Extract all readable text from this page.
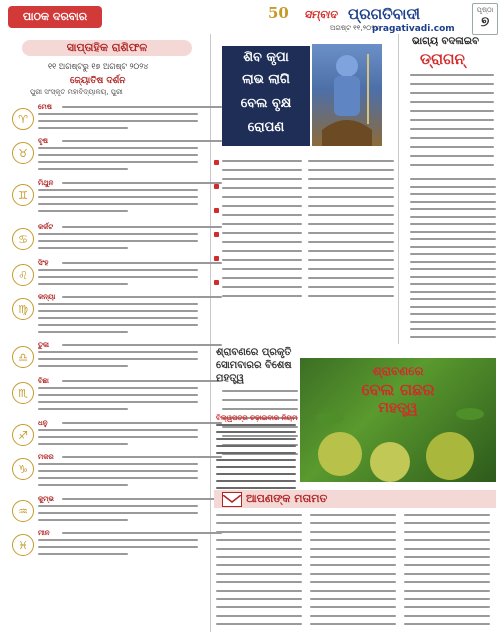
ପାଠକ ଦରବାର	50 ସମ୍ବାଦ ପ୍ରଗତିବାଦୀ
ଅଗଷ୍ଟ ୧୧,୨୦୨୪
pragativadi.com
ପୃଷ୍ଠା
୭
ସାପ୍ତାହିକ ରାଶିଫଳ
୧୧ ଅଗଷ୍ଟରୁ ୧୭ ଅଗଷ୍ଟ ୨୦୨୪
ଜ୍ୟୋତିଷ ଦର୍ଶନ
ପୁରୀ ସଂସ୍କୃତ ମହାବିଦ୍ୟାଳୟ, ପୁରୀ
♈
ମେଷ
♉
ବୃଷ
♊
ମିଥୁନ
♋
କର୍କଟ
♌
ସିଂହ
♍
କନ୍ୟା
♎
ତୁଳା
♏
ବିଛା
♐
ଧନୁ
♑
ମକର
♒
କୁମ୍ଭ
♓
ମୀନ
ଶିବ କୃପା
ଲାଭ ଲାଗି
ବେଲ ବୃକ୍ଷ
ରୋପଣ
ଭାଗ୍ୟ ବଦଳାଇବ
ଡ୍ରାଗନ୍
ଶ୍ରାବଣରେ ପ୍ରକୃତି ସୋମବାରର ବିଶେଷ ମହତ୍ତ୍ୱ
ଶ୍ରାବଣରେ
ବେଲ ଗଛର
ମହତ୍ତ୍ୱ
ବିଲ୍ୱପତ୍ର ଚଢ଼ାଇବାର ନିୟମ
ଆପଣଙ୍କ ମତାମତ
